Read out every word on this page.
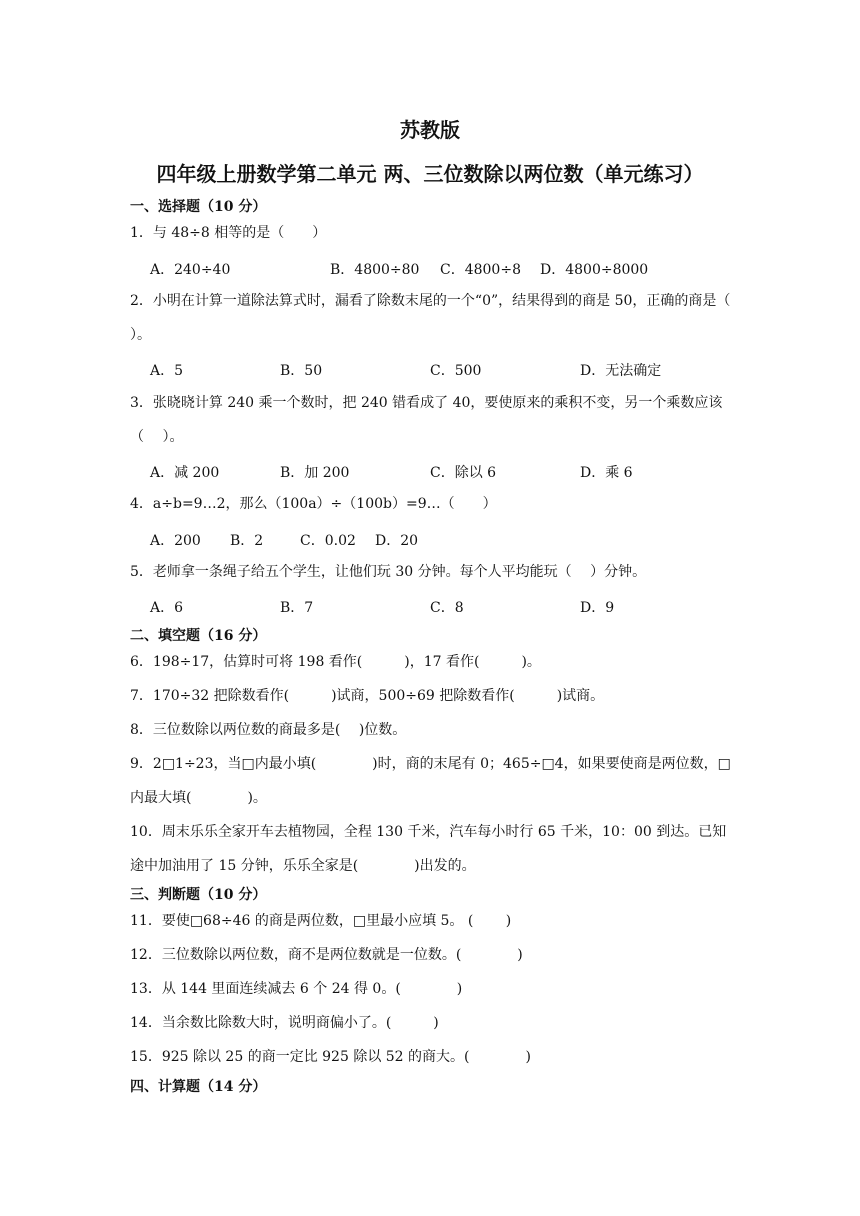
苏教版
四年级上册数学第二单元 两、三位数除以两位数（单元练习）
一、选择题（10 分）
1．与 48÷8 相等的是（　　）
A．240÷40	B．4800÷80 C．4800÷8 D．4800÷8000
2．小明在计算一道除法算式时，漏看了除数末尾的一个“0”，结果得到的商是 50，正确的商是（　 ）。
A．5	B．50	C．500	D．无法确定
3．张晓晓计算 240 乘一个数时，把 240 错看成了 40，要使原来的乘积不变，另一个乘数应该（　 ）。
A．减 200	B．加 200	C．除以 6	D．乘 6
4．a÷b=9…2，那么（100a）÷（100b）=9…（　　）
A．200 B．2	C．0.02 D．20
5．老师拿一条绳子给五个学生，让他们玩 30 分钟。每个人平均能玩（　 ）分钟。
A．6	B．7	C．8	D．9
二、填空题（16 分）
6．198÷17，估算时可将 198 看作(　　　)，17 看作(　　　)。
7．170÷32 把除数看作(　　　)试商，500÷69 把除数看作(　　　)试商。
8．三位数除以两位数的商最多是(　 )位数。
9．2□1÷23，当□内最小填(　　　　)时，商的末尾有 0；465÷□4，如果要使商是两位数，□内最大填(　　　　)。
10．周末乐乐全家开车去植物园，全程 130 千米，汽车每小时行 65 千米，10：00 到达。已知途中加油用了 15 分钟，乐乐全家是(　　　　)出发的。
三、判断题（10 分）
11．要使□68÷46 的商是两位数，□里最小应填 5。 (　　 )
12．三位数除以两位数，商不是两位数就是一位数。(　　　　)
13．从 144 里面连续减去 6 个 24 得 0。(　　　　)
14．当余数比除数大时，说明商偏小了。(　　　)
15．925 除以 25 的商一定比 925 除以 52 的商大。(　　　　)
四、计算题（14 分）
